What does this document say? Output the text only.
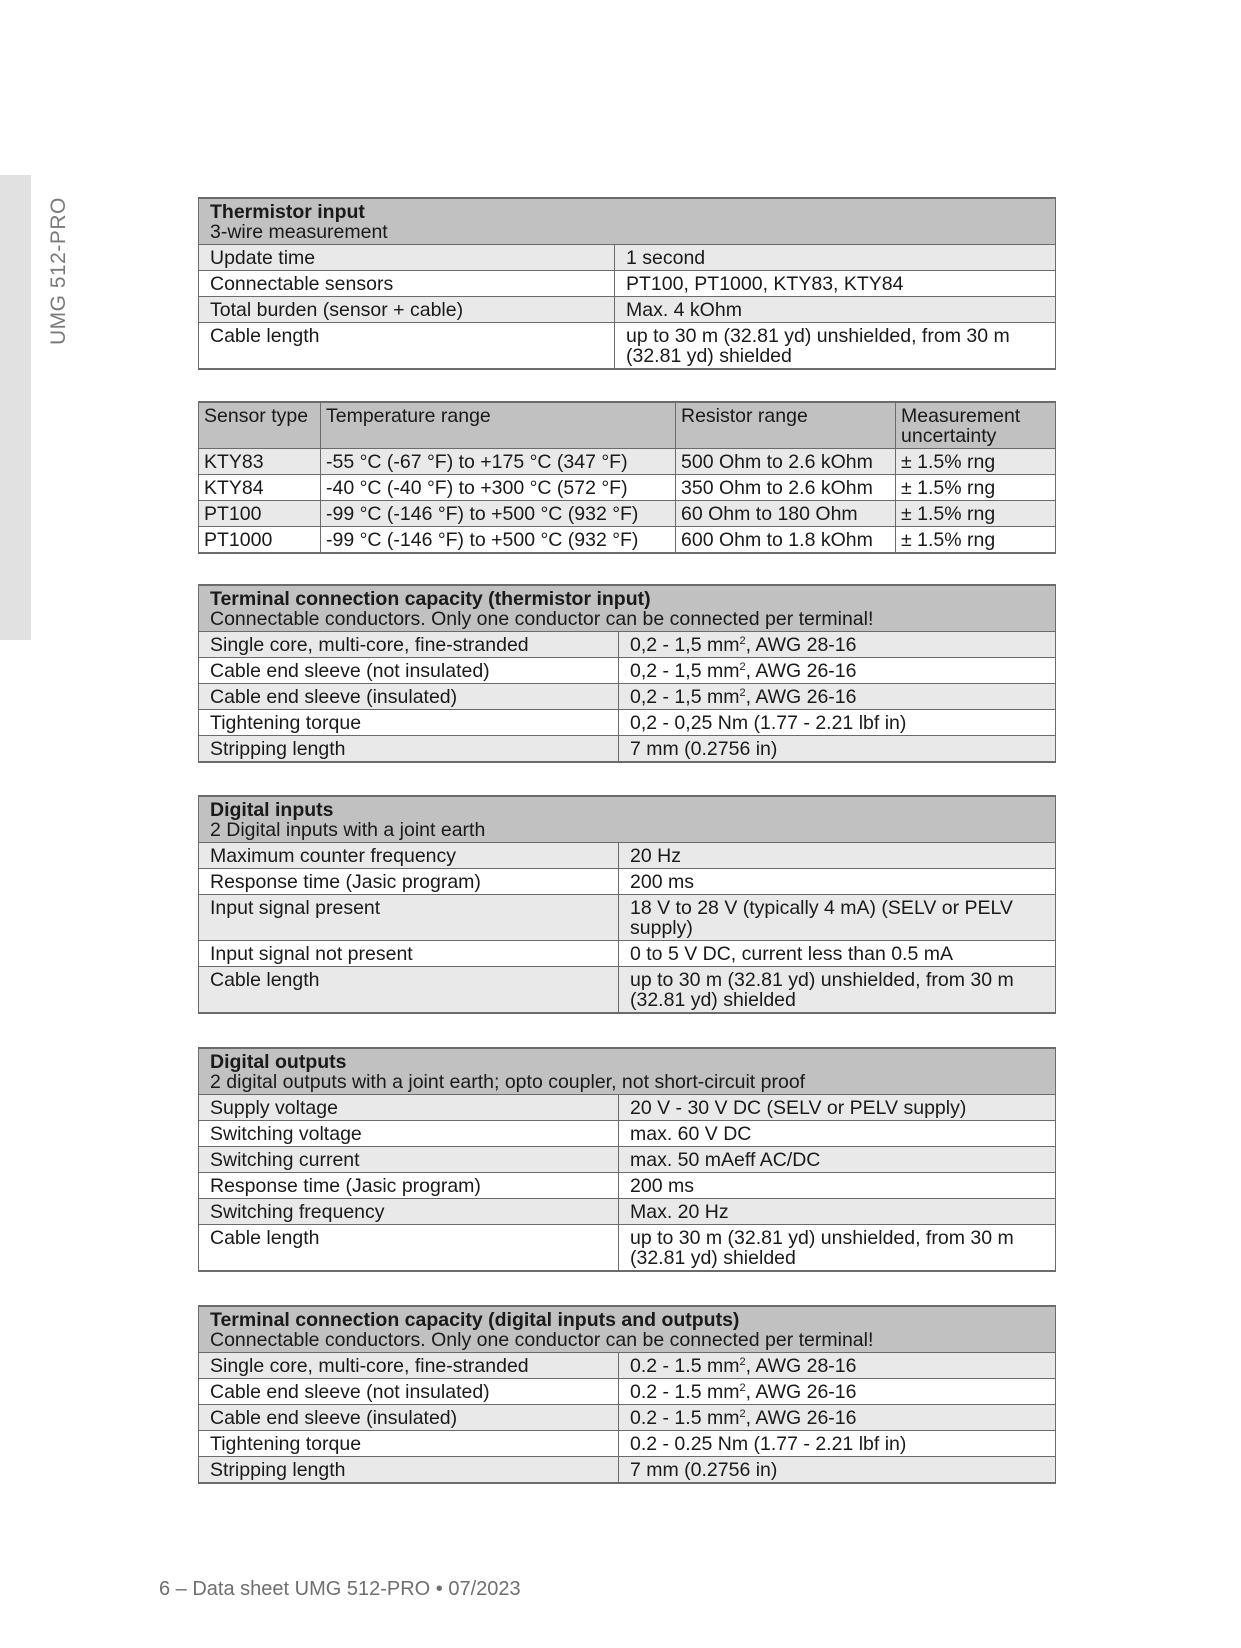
UMG 512-PRO	Thermistor input
3-wire measurement	

Update time	1 second
Connectable sensors	PT100, PT1000, KTY83, KTY84
Total burden (sensor + cable)	Max. 4 kOhm
Cable length	up to 30 m (32.81 yd) unshielded, from 30 m (32.81 yd) shielded
Sensor type	Temperature range	Resistor range	Measurement uncertainty
KTY83	-55 °C (-67 °F) to +175 °C (347 °F)	500 Ohm to 2.6 kOhm	± 1.5% rng
KTY84	-40 °C (-40 °F) to +300 °C (572 °F)	350 Ohm to 2.6 kOhm	± 1.5% rng
PT100	-99 °C (-146 °F) to +500 °C (932 °F)	60 Ohm to 180 Ohm	± 1.5% rng
PT1000	-99 °C (-146 °F) to +500 °C (932 °F)	600 Ohm to 1.8 kOhm	± 1.5% rng
Terminal connection capacity (thermistor input)
Connectable conductors. Only one conductor can be connected per terminal!	

Single core, multi-core, fine-stranded	0,2 - 1,5 $mm^2$, AWG 28-16
Cable end sleeve (not insulated)	0,2 - 1,5 $mm^2$, AWG 26-16
Cable end sleeve (insulated)	0,2 - 1,5 $mm^2$, AWG 26-16
Tightening torque	0,2 - 0,25 Nm (1.77 - 2.21 lbf in)
Stripping length	7 mm (0.2756 in)
Digital inputs
2 Digital inputs with a joint earth	

Maximum counter frequency	20 Hz
Response time (Jasic program)	200 ms
Input signal present	18 V to 28 V (typically 4 mA) (SELV or PELV supply)
Input signal not present	0 to 5 V DC, current less than 0.5 mA
Cable length	up to 30 m (32.81 yd) unshielded, from 30 m (32.81 yd) shielded
Digital outputs
2 digital outputs with a joint earth; opto coupler, not short-circuit proof	

Supply voltage	20 V - 30 V DC (SELV or PELV supply)
Switching voltage	max. 60 V DC
Switching current	max. 50 mAeff AC/DC
Response time (Jasic program)	200 ms
Switching frequency	Max. 20 Hz
Cable length	up to 30 m (32.81 yd) unshielded, from 30 m (32.81 yd) shielded
Terminal connection capacity (digital inputs and outputs)
Connectable conductors. Only one conductor can be connected per terminal!	

Single core, multi-core, fine-stranded	0.2 - 1.5 $mm^2$, AWG 28-16
Cable end sleeve (not insulated)	0.2 - 1.5 $mm^2$, AWG 26-16
Cable end sleeve (insulated)	0.2 - 1.5 $mm^2$, AWG 26-16
Tightening torque	0.2 - 0.25 Nm (1.77 - 2.21 lbf in)
Stripping length	7 mm (0.2756 in)
6 – Data sheet UMG 512-PRO • 07/2023
